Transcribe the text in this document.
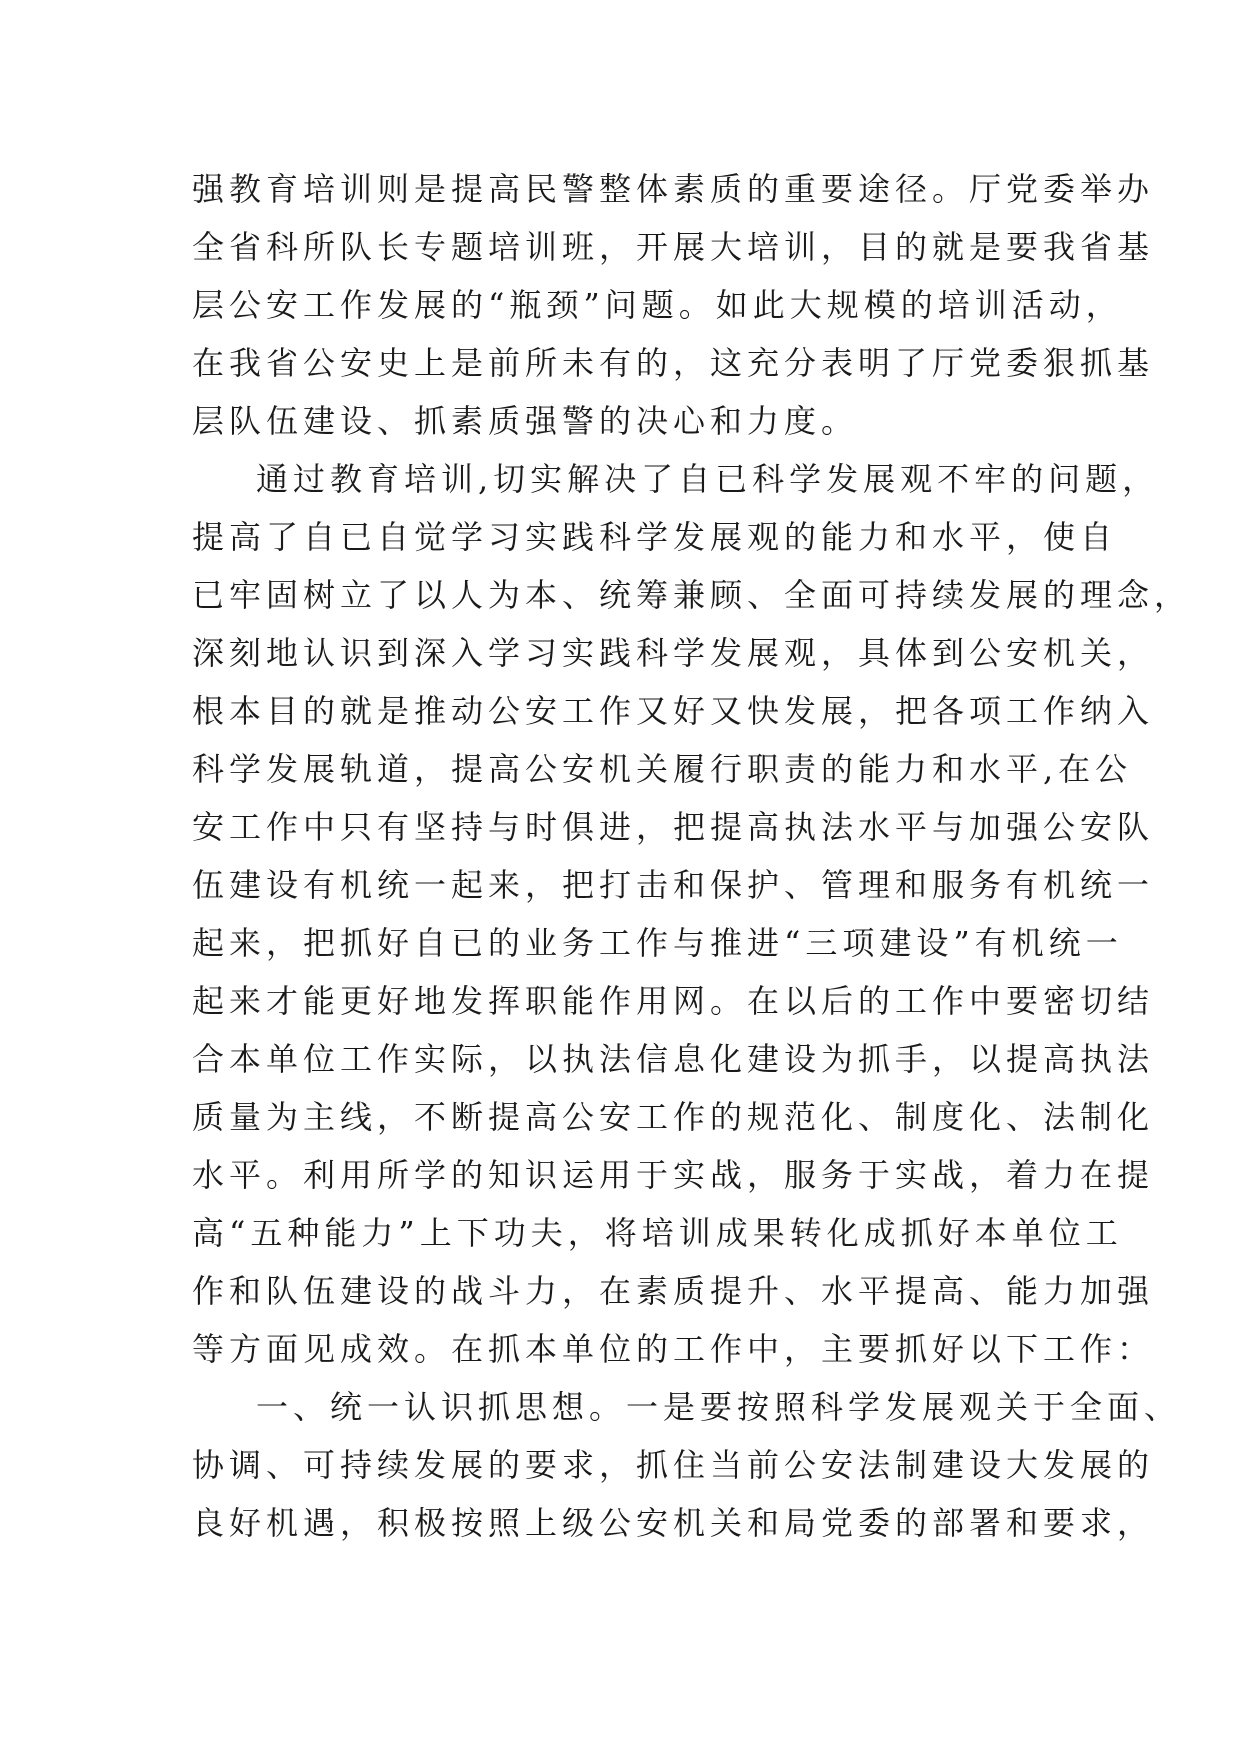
强教育培训则是提高民警整体素质的重要途径。厅党委举办
全省科所队长专题培训班，开展大培训，目的就是要我省基
层公安工作发展的“瓶颈”问题。如此大规模的培训活动，
在我省公安史上是前所未有的，这充分表明了厅党委狠抓基
层队伍建设、抓素质强警的决心和力度。
通过教育培训,切实解决了自已科学发展观不牢的问题，
提高了自已自觉学习实践科学发展观的能力和水平，使自
已牢固树立了以人为本、统筹兼顾、全面可持续发展的理念，
深刻地认识到深入学习实践科学发展观，具体到公安机关，
根本目的就是推动公安工作又好又快发展，把各项工作纳入
科学发展轨道，提高公安机关履行职责的能力和水平,在公
安工作中只有坚持与时俱进，把提高执法水平与加强公安队
伍建设有机统一起来，把打击和保护、管理和服务有机统一
起来，把抓好自已的业务工作与推进“三项建设”有机统一
起来才能更好地发挥职能作用网。在以后的工作中要密切结
合本单位工作实际，以执法信息化建设为抓手，以提高执法
质量为主线，不断提高公安工作的规范化、制度化、法制化
水平。利用所学的知识运用于实战，服务于实战，着力在提
高“五种能力”上下功夫，将培训成果转化成抓好本单位工
作和队伍建设的战斗力，在素质提升、水平提高、能力加强
等方面见成效。在抓本单位的工作中，主要抓好以下工作：
一、统一认识抓思想。一是要按照科学发展观关于全面、
协调、可持续发展的要求，抓住当前公安法制建设大发展的
良好机遇，积极按照上级公安机关和局党委的部署和要求，
